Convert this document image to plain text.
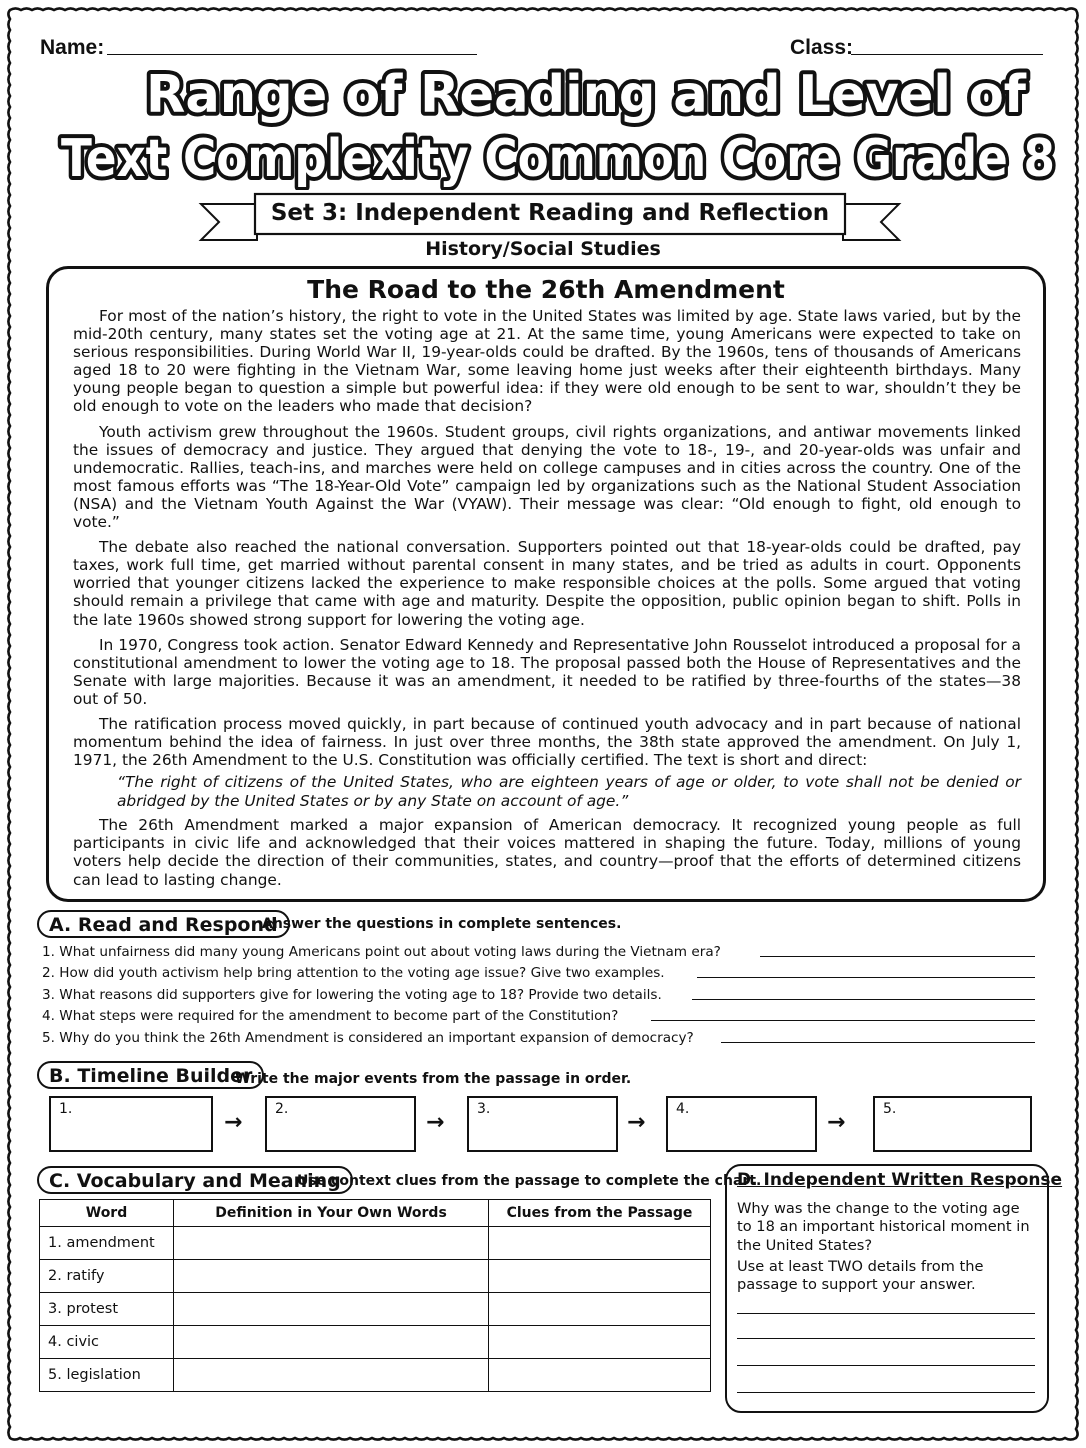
Name:	Class:
Range of Reading and Level of
Text Complexity Common Core Grade 8
Set 3: Independent Reading and Reflection
History/Social Studies
The Road to the 26th Amendment

For most of the nation’s history, the right to vote in the United States was limited by age. State laws varied, but by the mid-20th century, many states set the voting age at 21. At the same time, young Americans were expected to take on serious responsibilities. During World War II, 19-year-olds could be drafted. By the 1960s, tens of thousands of Americans aged 18 to 20 were fighting in the Vietnam War, some leaving home just weeks after their eighteenth birthdays. Many young people began to question a simple but powerful idea: if they were old enough to be sent to war, shouldn’t they be old enough to vote on the leaders who made that decision?

Youth activism grew throughout the 1960s. Student groups, civil rights organizations, and antiwar movements linked the issues of democracy and justice. They argued that denying the vote to 18-, 19-, and 20-year-olds was unfair and undemocratic. Rallies, teach-ins, and marches were held on college campuses and in cities across the country. One of the most famous efforts was “The 18-Year-Old Vote” campaign led by organizations such as the National Student Association (NSA) and the Vietnam Youth Against the War (VYAW). Their message was clear: “Old enough to fight, old enough to vote.”

The debate also reached the national conversation. Supporters pointed out that 18-year-olds could be drafted, pay taxes, work full time, get married without parental consent in many states, and be tried as adults in court. Opponents worried that younger citizens lacked the experience to make responsible choices at the polls. Some argued that voting should remain a privilege that came with age and maturity. Despite the opposition, public opinion began to shift. Polls in the late 1960s showed strong support for lowering the voting age.

In 1970, Congress took action. Senator Edward Kennedy and Representative John Rousselot introduced a proposal for a constitutional amendment to lower the voting age to 18. The proposal passed both the House of Representatives and the Senate with large majorities. Because it was an amendment, it needed to be ratified by three-fourths of the states—38 out of 50.

The ratification process moved quickly, in part because of continued youth advocacy and in part because of national momentum behind the idea of fairness. In just over three months, the 38th state approved the amendment. On July 1, 1971, the 26th Amendment to the U.S. Constitution was officially certified. The text is short and direct:

“The right of citizens of the United States, who are eighteen years of age or older, to vote shall not be denied or abridged by the United States or by any State on account of age.”

The 26th Amendment marked a major expansion of American democracy. It recognized young people as full participants in civic life and acknowledged that their voices mattered in shaping the future. Today, millions of young voters help decide the direction of their communities, states, and country—proof that the efforts of determined citizens can lead to lasting change.

A. Read and Respond
Answer the questions in complete sentences.
1. What unfairness did many young Americans point out about voting laws during the Vietnam era?
2. How did youth activism help bring attention to the voting age issue? Give two examples.
3. What reasons did supporters give for lowering the voting age to 18? Provide two details.
4. What steps were required for the amendment to become part of the Constitution?
5. Why do you think the 26th Amendment is considered an important expansion of democracy?
B. Timeline Builder
Write the major events from the passage in order.
1.
→
2.
→
3.
→
4.
→
5.
C. Vocabulary and Meaning
Use context clues from the passage to complete the chart.
Word	Definition in Your Own Words	Clues from the Passage
1. amendment		
2. ratify		
3. protest		
4. civic		
5. legislation		
D. Independent Written Response
Why was the change to the voting age to 18 an important historical moment in the United States?
Use at least TWO details from the passage to support your answer.
